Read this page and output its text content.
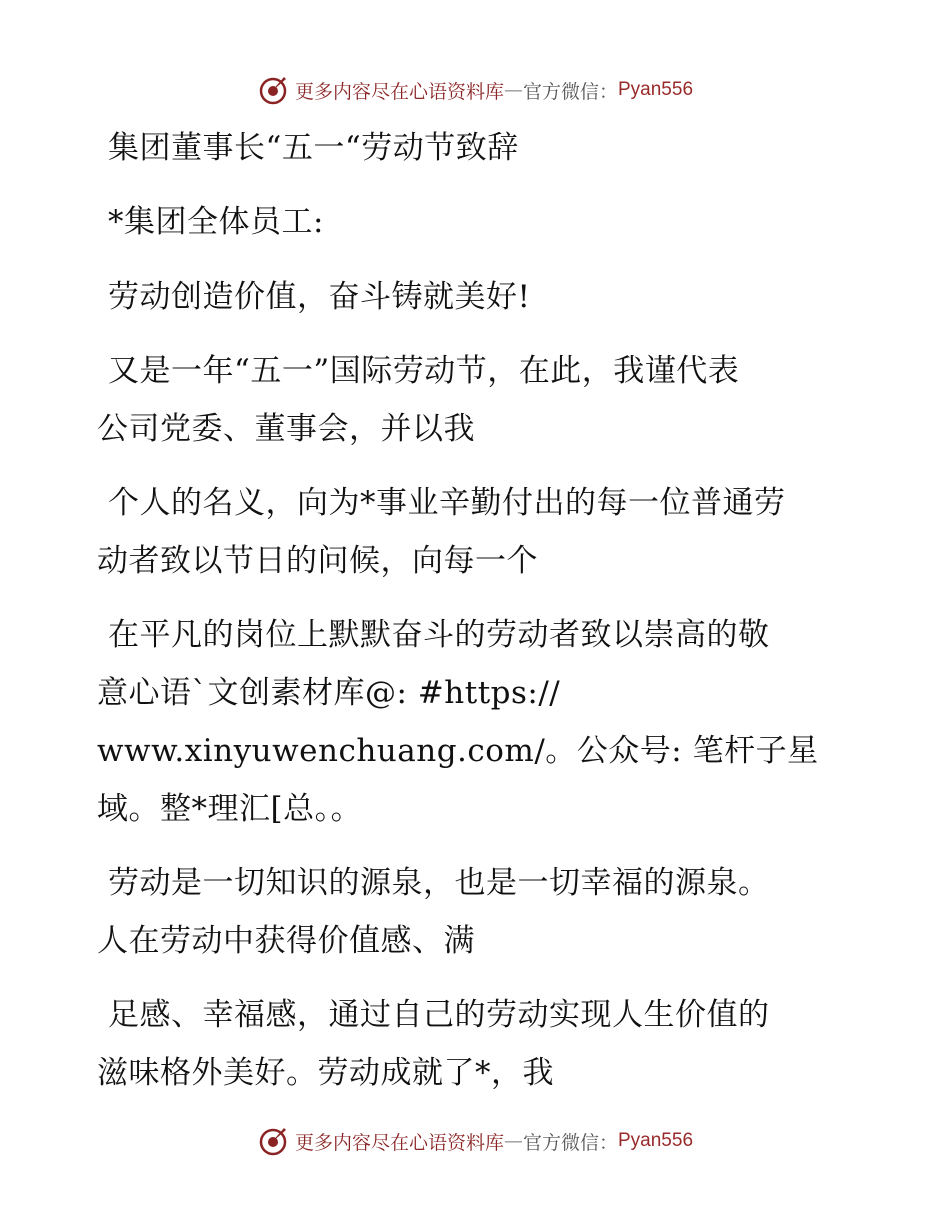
更多内容尽在心语资料库 — 官方微信： Pyan556
集团董事长“五一“劳动节致辞
*集团全体员工:
劳动创造价值，奋斗铸就美好!
又是一年“五一”国际劳动节，在此，我谨代表
公司党委、董事会，并以我
个人的名义，向为*事业辛勤付出的每一位普通劳
动者致以节日的问候，向每一个
在平凡的岗位上默默奋斗的劳动者致以崇高的敬
意心语`文创素材库@: #https://
www.xinyuwenchuang.com/。公众号: 笔杆子星
域。整*理汇[总。。
劳动是一切知识的源泉，也是一切幸福的源泉。
人在劳动中获得价值感、满
足感、幸福感，通过自己的劳动实现人生价值的
滋味格外美好。劳动成就了*，我
更多内容尽在心语资料库 — 官方微信： Pyan556
